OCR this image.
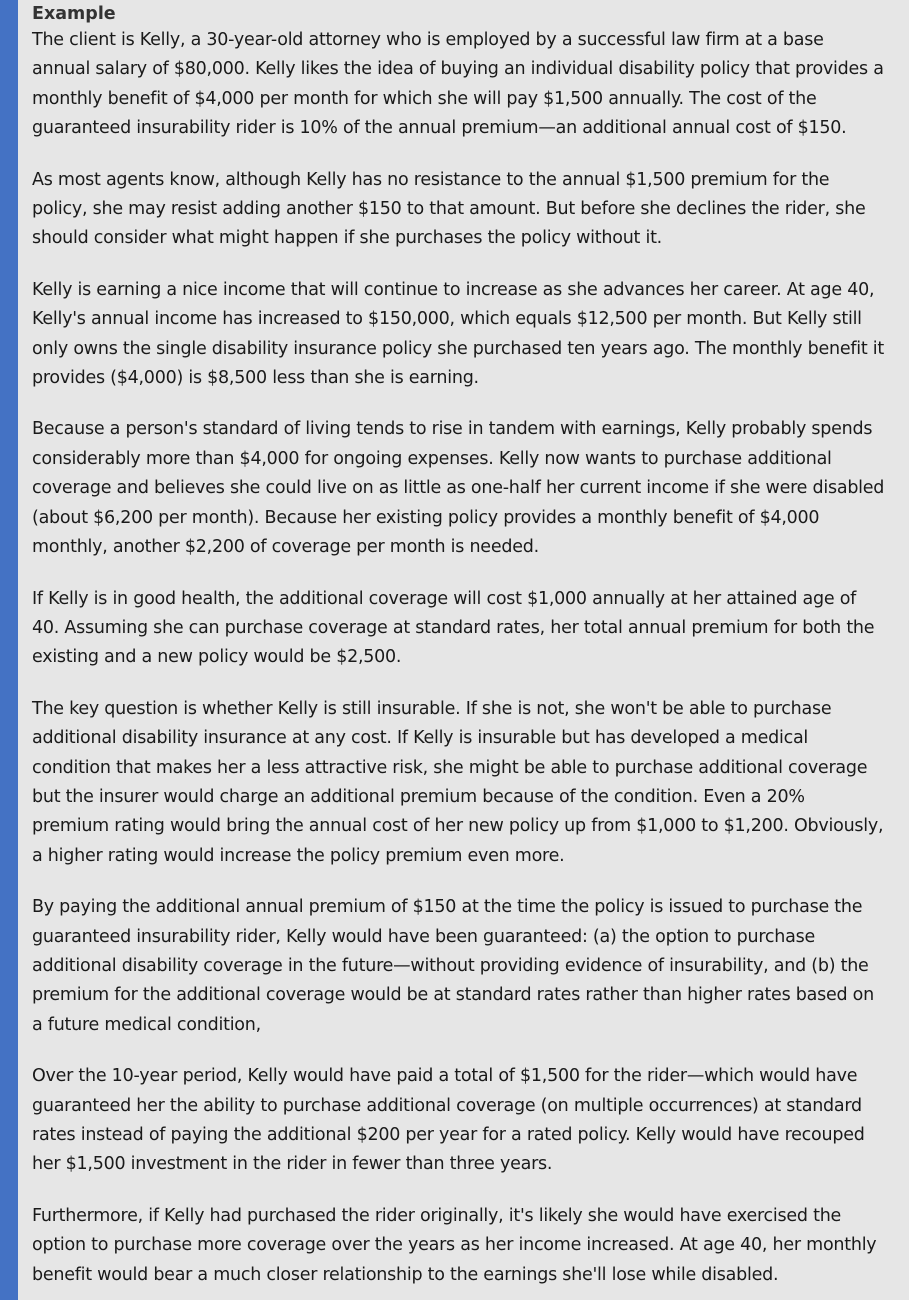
Example

The client is Kelly, a 30-year-old attorney who is employed by a successful law firm at a base annual salary of $80,000. Kelly likes the idea of buying an individual disability policy that provides a monthly benefit of $4,000 per month for which she will pay $1,500 annually. The cost of the guaranteed insurability rider is 10% of the annual premium—an additional annual cost of $150.

As most agents know, although Kelly has no resistance to the annual $1,500 premium for the policy, she may resist adding another $150 to that amount. But before she declines the rider, she should consider what might happen if she purchases the policy without it.

Kelly is earning a nice income that will continue to increase as she advances her career. At age 40, Kelly's annual income has increased to $150,000, which equals $12,500 per month. But Kelly still only owns the single disability insurance policy she purchased ten years ago. The monthly benefit it provides ($4,000) is $8,500 less than she is earning.

Because a person's standard of living tends to rise in tandem with earnings, Kelly probably spends considerably more than $4,000 for ongoing expenses. Kelly now wants to purchase additional coverage and believes she could live on as little as one-half her current income if she were disabled (about $6,200 per month). Because her existing policy provides a monthly benefit of $4,000 monthly, another $2,200 of coverage per month is needed.

If Kelly is in good health, the additional coverage will cost $1,000 annually at her attained age of 40. Assuming she can purchase coverage at standard rates, her total annual premium for both the existing and a new policy would be $2,500.

The key question is whether Kelly is still insurable. If she is not, she won't be able to purchase additional disability insurance at any cost. If Kelly is insurable but has developed a medical condition that makes her a less attractive risk, she might be able to purchase additional coverage but the insurer would charge an additional premium because of the condition. Even a 20% premium rating would bring the annual cost of her new policy up from $1,000 to $1,200. Obviously, a higher rating would increase the policy premium even more.

By paying the additional annual premium of $150 at the time the policy is issued to purchase the guaranteed insurability rider, Kelly would have been guaranteed: (a) the option to purchase additional disability coverage in the future—without providing evidence of insurability, and (b) the premium for the additional coverage would be at standard rates rather than higher rates based on a future medical condition,

Over the 10-year period, Kelly would have paid a total of $1,500 for the rider—which would have guaranteed her the ability to purchase additional coverage (on multiple occurrences) at standard rates instead of paying the additional $200 per year for a rated policy. Kelly would have recouped her $1,500 investment in the rider in fewer than three years.

Furthermore, if Kelly had purchased the rider originally, it's likely she would have exercised the option to purchase more coverage over the years as her income increased. At age 40, her monthly benefit would bear a much closer relationship to the earnings she'll lose while disabled.
